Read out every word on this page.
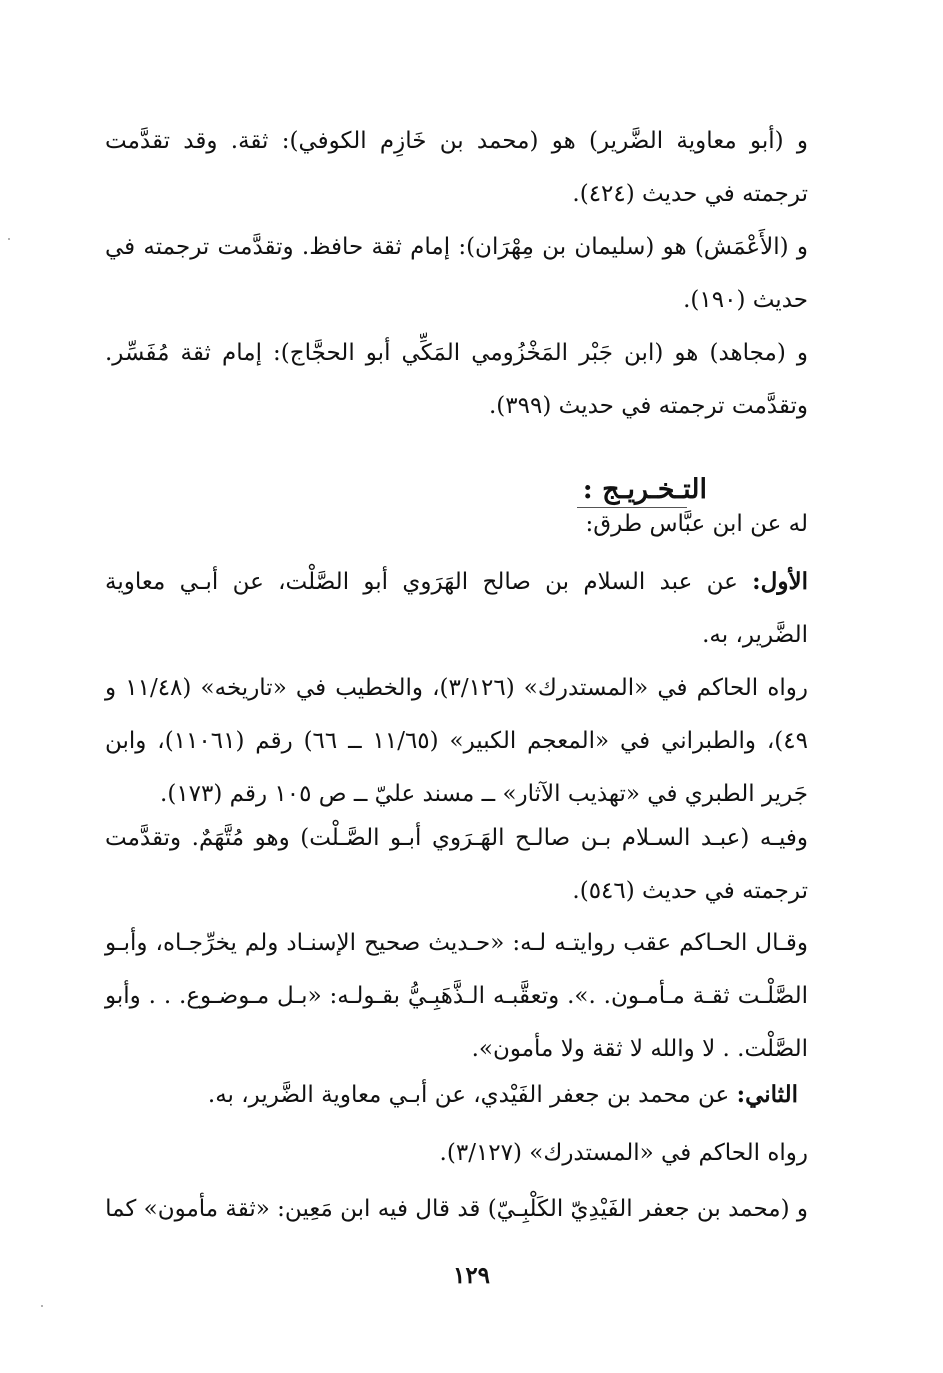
و (أبو معاوية الضَّرير) هو (محمد بن خَازِم الكوفي): ثقة. وقد تقدَّمت ترجمته في حديث (٤٢٤).

و (الأَعْمَش) هو (سليمان بن مِهْرَان): إمام ثقة حافظ. وتقدَّمت ترجمته في حديث (١٩٠).

و (مجاهد) هو (ابن جَبْر المَخْزُومي المَكِّي أبو الحجَّاج): إمام ثقة مُفَسِّر. وتقدَّمت ترجمته في حديث (٣٩٩).

التـخـريـج :

له عن ابن عبَّاس طرق:

الأول: عن عبد السلام بن صالح الهَرَوي أبو الصَّلْت، عن أبـي معاوية الضَّرير، به.

رواه الحاكم في «المستدرك» (٣/١٢٦)، والخطيب في «تاريخه» (١١/٤٨ و ٤٩)، والطبراني في «المعجم الكبير» (١١/٦٥ ــ ٦٦) رقم (١١٠٦١)، وابن جَرير الطبري في «تهذيب الآثار» ــ مسند عليّ ــ ص ١٠٥ رقم (١٧٣).

وفيـه (عبـد السـلام بـن صالـح الهَـرَوي أبـو الصَّـلْت) وهو مُتَّهَمٌ. وتقدَّمت ترجمته في حديث (٥٤٦).

وقـال الحـاكم عقب روايتـه لـه: «حـديث صحيح الإسنـاد ولم يخرِّجـاه، وأبـو الصَّلْـت ثقـة مـأمـون. .». وتعقَّبـه الـذَّهَبِـيُّ بقـولـه: «بـل مـوضـوع. . . وأبو الصَّلْت. . لا والله لا ثقة ولا مأمون».

الثاني: عن محمد بن جعفر الفَيْدي، عن أبـي معاوية الضَّرير، به.

رواه الحاكم في «المستدرك» (٣/١٢٧).

و (محمد بن جعفر الفَيْدِيّ الكَلْبِـيّ) قد قال فيه ابن مَعِين: «ثقة مأمون» كما

١٢٩
